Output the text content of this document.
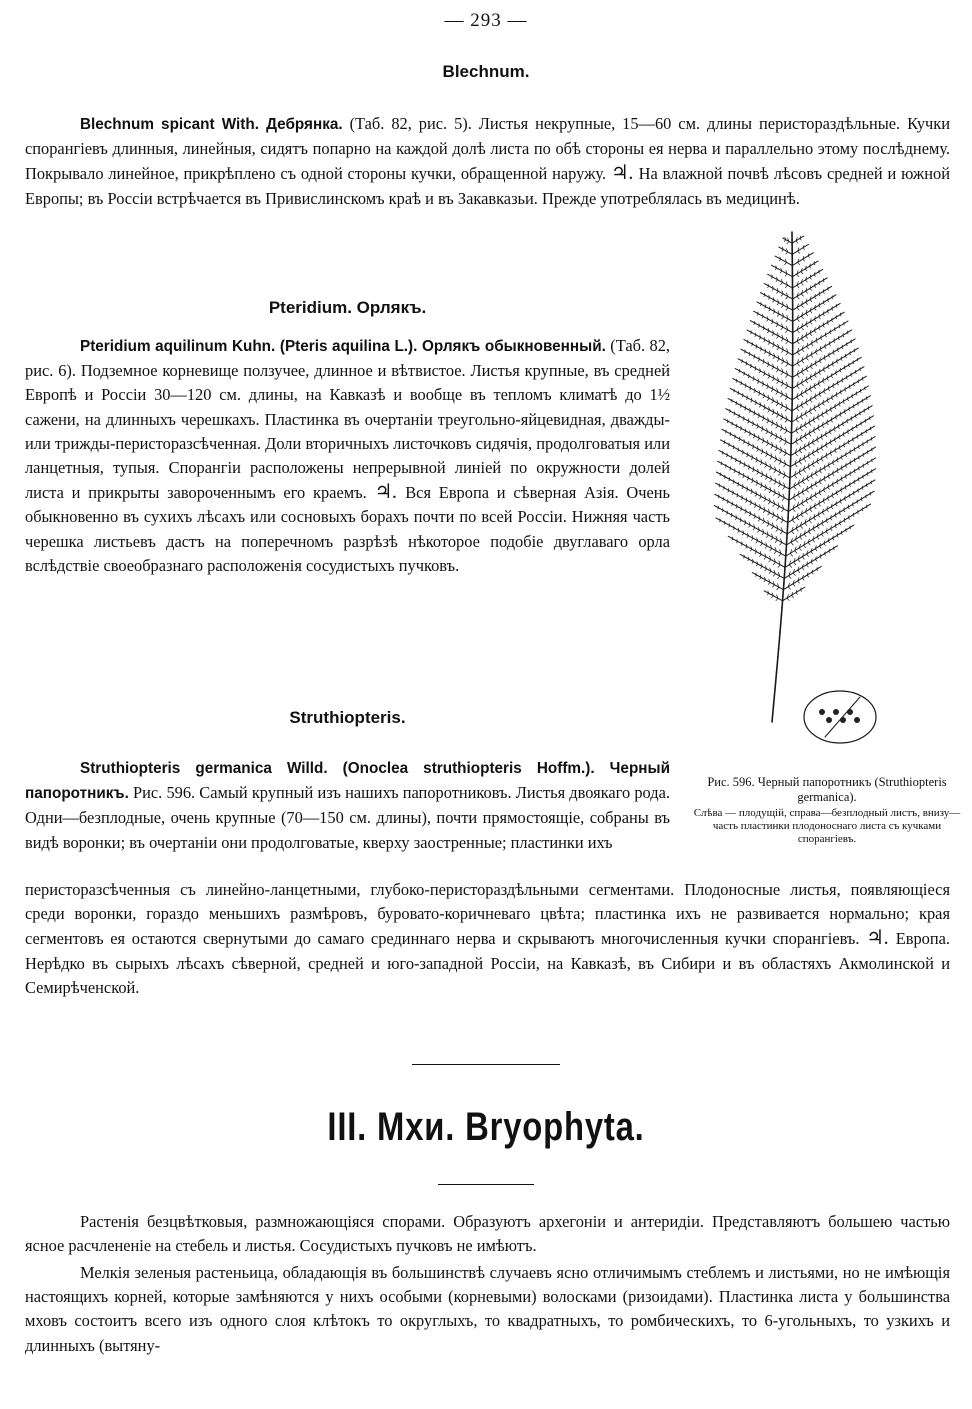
— 293 —
Blechnum.

Blechnum spicant With. Дебрянка. (Таб. 82, рис. 5). Листья некрупные, 15—60 см. длины перистораздѣльные. Кучки спорангіевъ длинныя, линейныя, сидятъ попарно на каждой долѣ листа по обѣ стороны ея нерва и параллельно этому послѣднему. Покрывало линейное, прикрѣплено съ одной стороны кучки, обращенной наружу. ♃. На влажной почвѣ лѣсовъ средней и южной Европы; въ Россіи встрѣчается въ Привислинскомъ краѣ и въ Закавказьи. Прежде употреблялась въ медицинѣ.

Pteridium. Орлякъ.

Pteridium aquilinum Kuhn. (Pteris aquilina L.). Орлякъ обыкновенный. (Таб. 82, рис. 6). Подземное корневище ползучее, длинное и вѣтвистое. Листья крупные, въ средней Европѣ и Россіи 30—120 см. длины, на Кавказѣ и вообще въ тепломъ климатѣ до 1½ сажени, на длинныхъ черешкахъ. Пластинка въ очертаніи треугольно-яйцевидная, дважды- или трижды-перисторазсѣченная. Доли вторичныхъ листочковъ сидячія, продолговатыя или ланцетныя, тупыя. Спорангіи расположены непрерывной линіей по окружности долей листа и прикрыты завороченнымъ его краемъ. ♃. Вся Европа и сѣверная Азія. Очень обыкновенно въ сухихъ лѣсахъ или сосновыхъ борахъ почти по всей Россіи. Нижняя часть черешка листьевъ дастъ на поперечномъ разрѣзѣ нѣкоторое подобіе двуглаваго орла вслѣдствіе своеобразнаго расположенія сосудистыхъ пучковъ.

Struthiopteris.

Struthiopteris germanica Willd. (Onoclea struthiopteris Hoffm.). Черный папоротникъ. Рис. 596. Самый крупный изъ нашихъ папоротниковъ. Листья двоякаго рода. Одни—безплодные, очень крупные (70—150 см. длины), почти прямостоящіе, собраны въ видѣ воронки; въ очертаніи они продолговатые, кверху заостренные; пластинки ихъ

перисторазсѣченныя съ линейно-ланцетными, глубоко-перистораздѣльными сегментами. Плодоносные листья, появляющіеся среди воронки, гораздо меньшихъ размѣровъ, буровато-коричневаго цвѣта; пластинка ихъ не развивается нормально; края сегментовъ ея остаются свернутыми до самаго срединнаго нерва и скрываютъ многочисленныя кучки спорангіевъ. ♃. Европа. Нерѣдко въ сырыхъ лѣсахъ сѣверной, средней и юго-западной Россіи, на Кавказѣ, въ Сибири и въ областяхъ Акмолинской и Семирѣченской.

Рис. 596. Черный папоротникъ (Struthiopteris germanica).
Слѣва — плодущій, справа—безплодный листъ, внизу—часть пластинки плодоноснаго листа съ кучками спорангіевъ.
III. Мхи. Bryophyta.

Растенія безцвѣтковыя, размножающіяся спорами. Образуютъ архегоніи и антеридіи. Представляютъ большею частью ясное расчлененіе на стебель и листья. Сосудистыхъ пучковъ не имѣютъ.

Мелкія зеленыя растеньица, обладающія въ большинствѣ случаевъ ясно отличимымъ стеблемъ и листьями, но не имѣющія настоящихъ корней, которые замѣняются у нихъ особыми (корневыми) волосками (ризоидами). Пластинка листа у большинства мховъ состоитъ всего изъ одного слоя клѣтокъ то округлыхъ, то квадратныхъ, то ромбическихъ, то 6-угольныхъ, то узкихъ и длинныхъ (вытяну-
